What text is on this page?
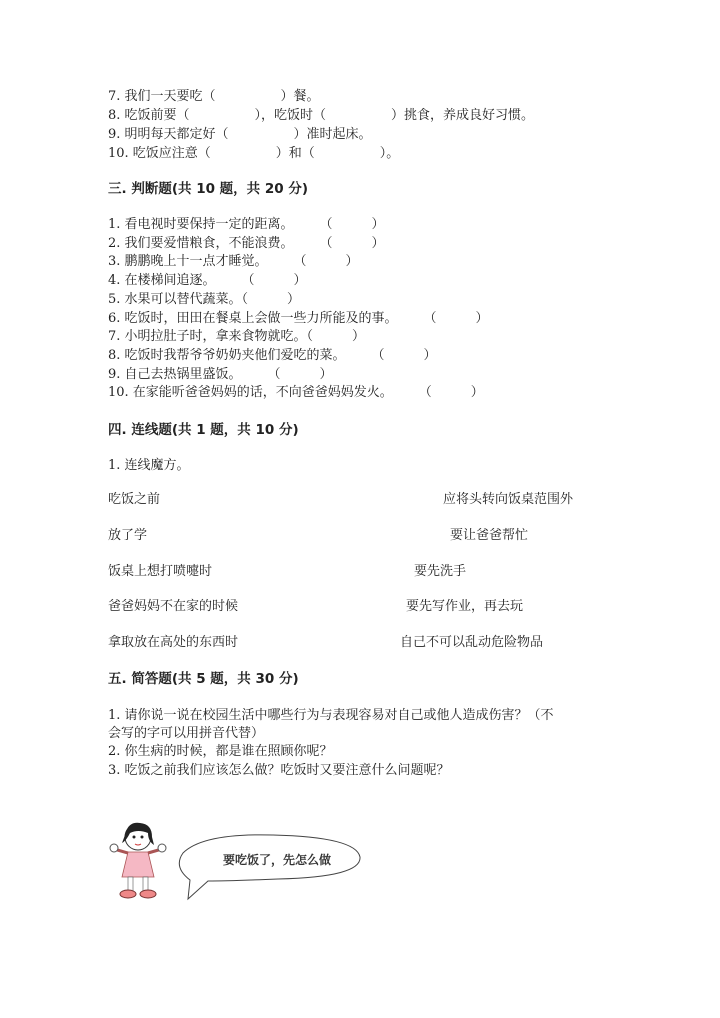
7. 我们一天要吃（　　　　　）餐。
8. 吃饭前要（　　　　　），吃饭时（　　　　　）挑食，养成良好习惯。
9. 明明每天都定好（　　　　　）准时起床。
10. 吃饭应注意（　　　　　）和（　　　　　）。
三. 判断题(共 10 题，共 20 分)
1. 看电视时要保持一定的距离。　　　（　　　）
2. 我们要爱惜粮食，不能浪费。　　　（　　　）
3. 鹏鹏晚上十一点才睡觉。　　　（　　　）
4. 在楼梯间追逐。　　　（　　　）
5. 水果可以替代蔬菜。（　　　）
6. 吃饭时，田田在餐桌上会做一些力所能及的事。　　　（　　　）
7. 小明拉肚子时，拿来食物就吃。（　　　）
8. 吃饭时我帮爷爷奶奶夹他们爱吃的菜。　　　（　　　）
9. 自己去热锅里盛饭。　　　（　　　）
10. 在家能听爸爸妈妈的话，不向爸爸妈妈发火。　　　（　　　）
四. 连线题(共 1 题，共 10 分)
1. 连线魔方。
吃饭之前	应将头转向饭桌范围外
放了学	要让爸爸帮忙
饭桌上想打喷嚏时	要先洗手
爸爸妈妈不在家的时候	要先写作业，再去玩
拿取放在高处的东西时	自己不可以乱动危险物品
五. 简答题(共 5 题，共 30 分)
1. 请你说一说在校园生活中哪些行为与表现容易对自己或他人造成伤害？（不
会写的字可以用拼音代替）
2. 你生病的时候，都是谁在照顾你呢？
3. 吃饭之前我们应该怎么做？吃饭时又要注意什么问题呢？
要吃饭了，先怎么做
